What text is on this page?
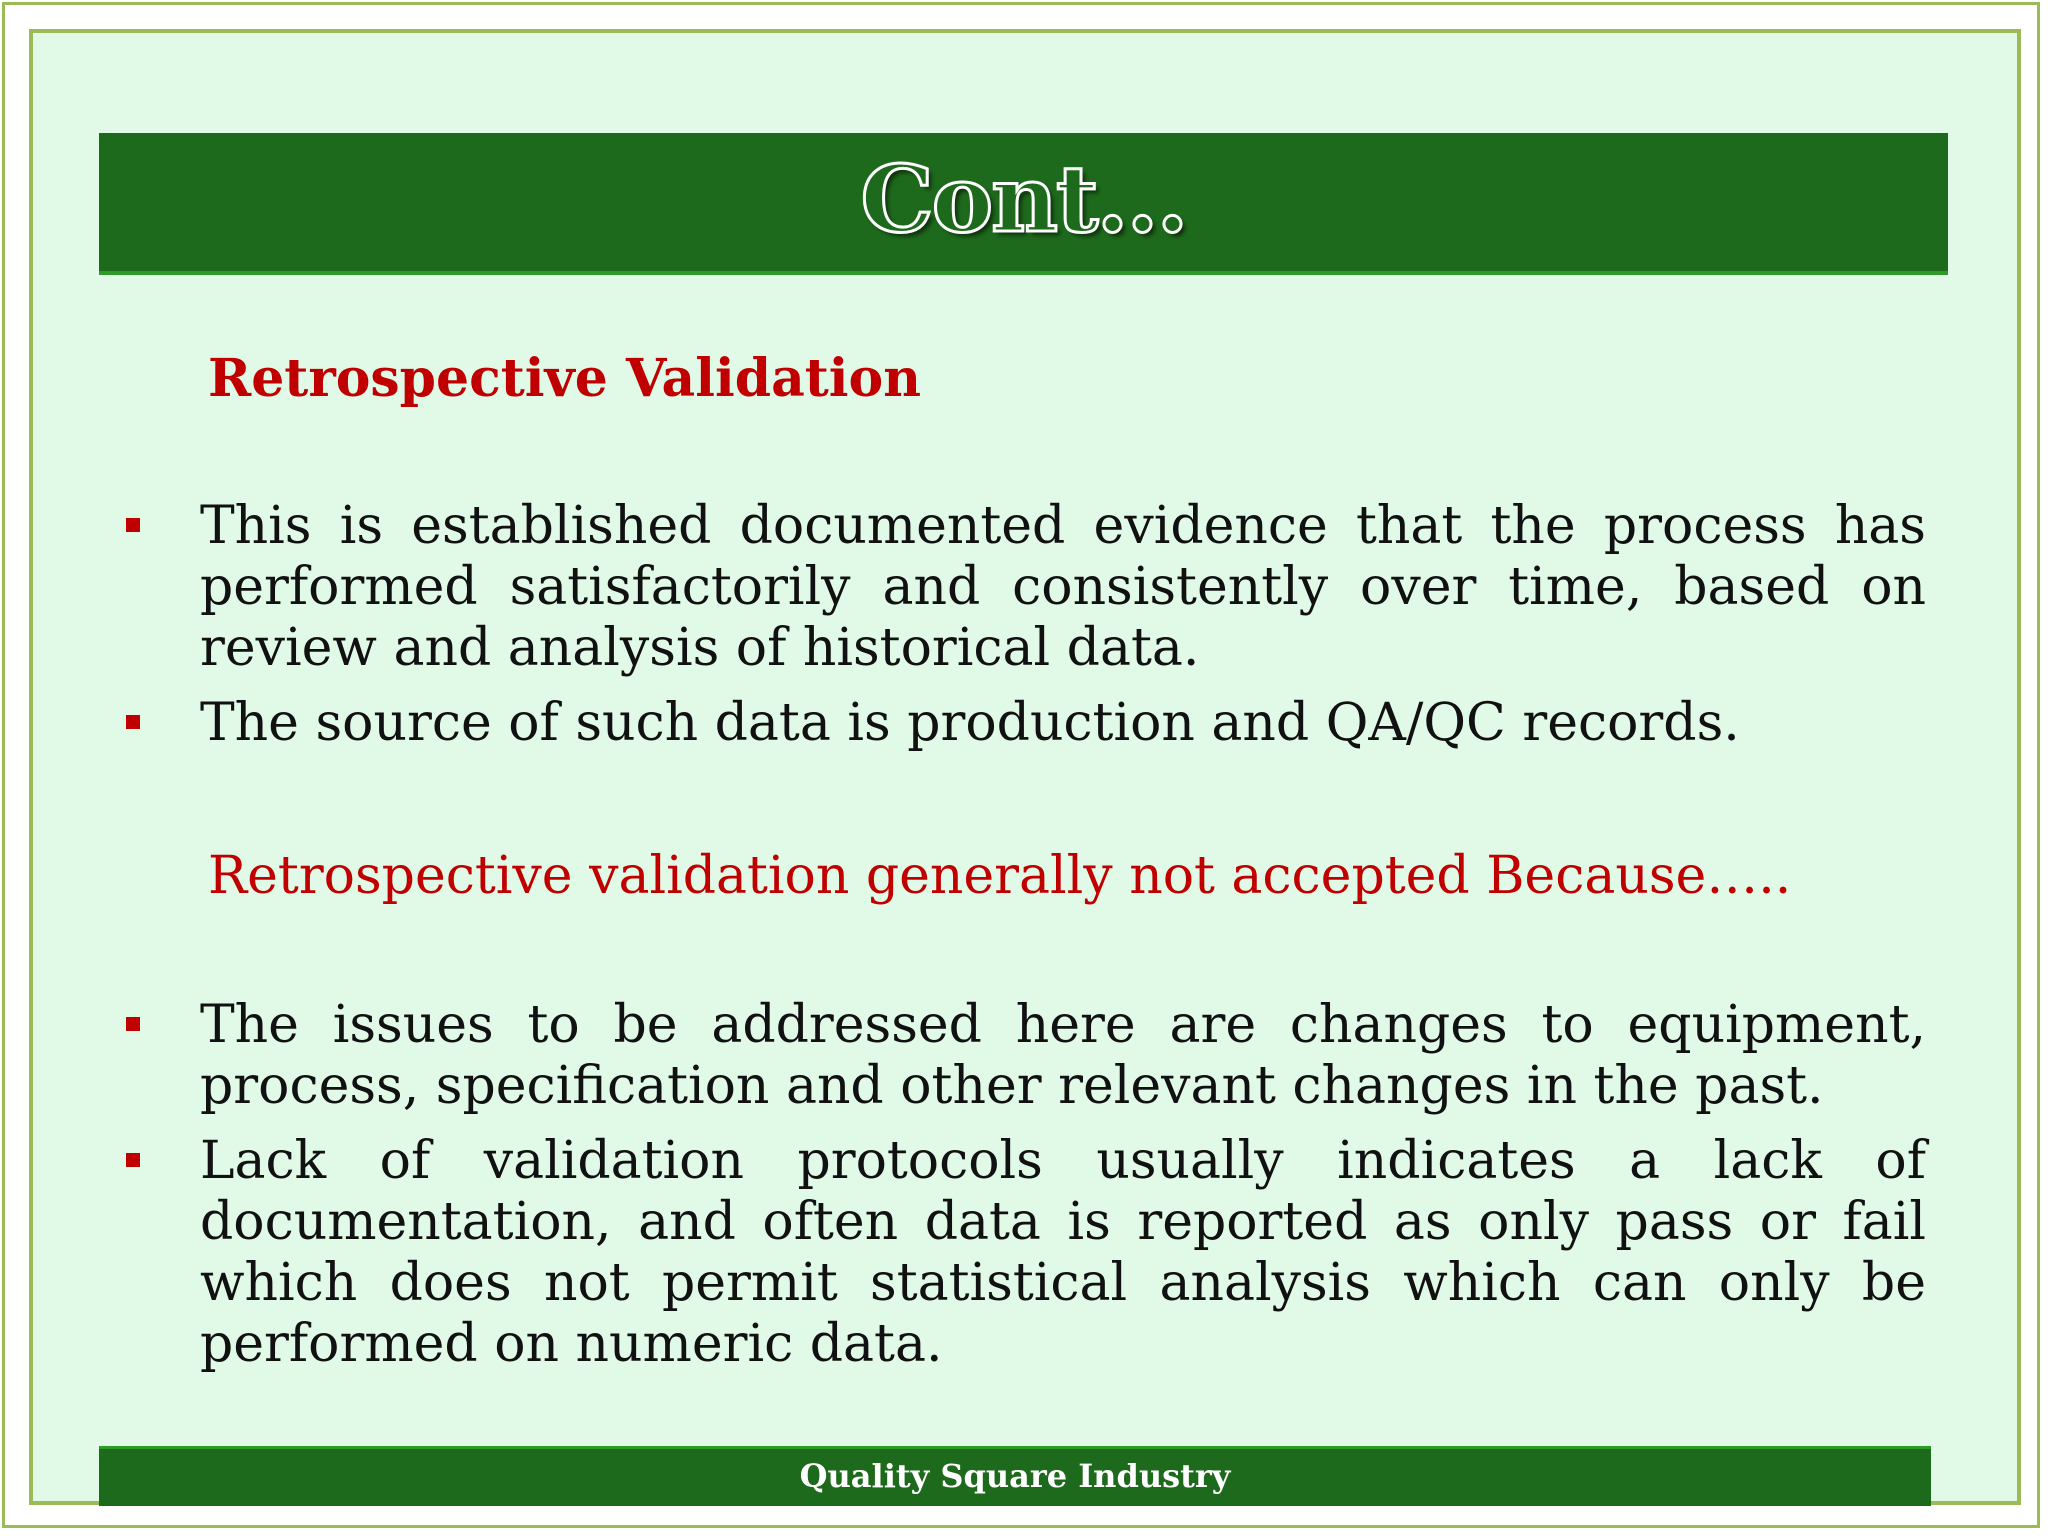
Cont…
Retrospective Validation
This is established documented evidence that the process has performed satisfactorily and consistently over time, based on review and analysis of historical data.
The source of such data is production and QA/QC records.
Retrospective validation generally not accepted Because…..
The issues to be addressed here are changes to equipment, process, specification and other relevant changes in the past.
Lack of validation protocols usually indicates a lack of documentation, and often data is reported as only pass or fail which does not permit statistical analysis which can only be performed on numeric data.
Quality Square Industry
